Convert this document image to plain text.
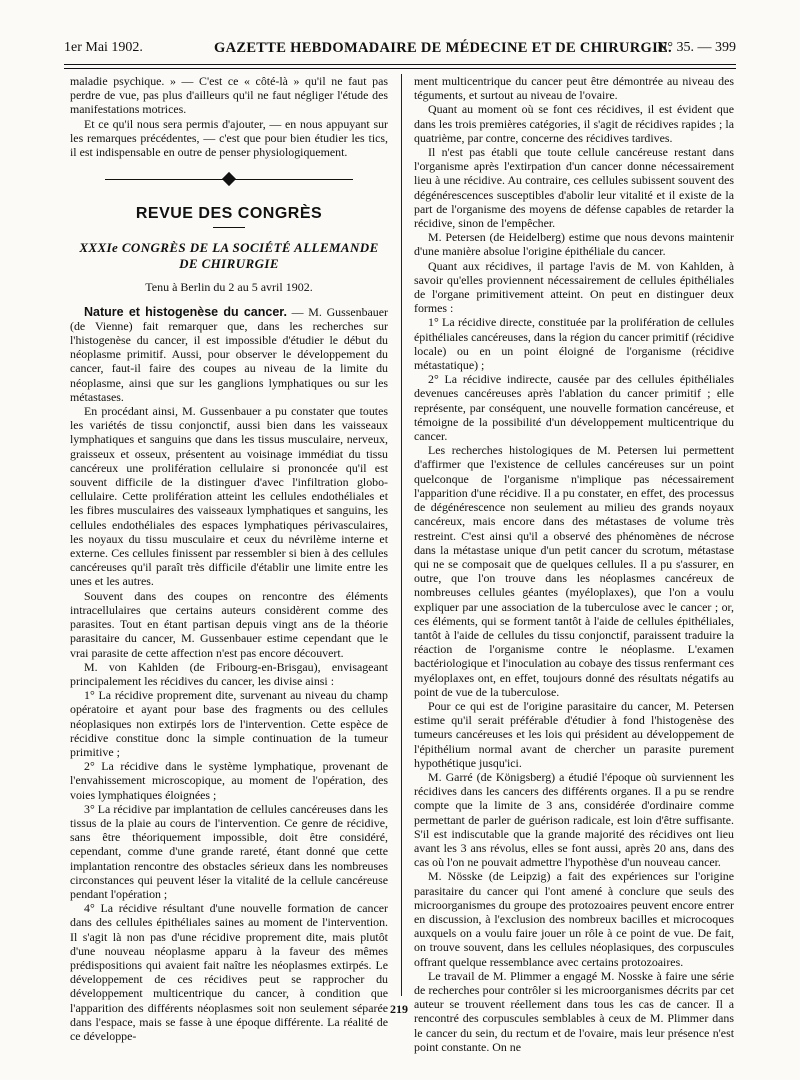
1er Mai 1902.	GAZETTE HEBDOMADAIRE DE MÉDECINE ET DE CHIRURGIE.
N° 35. — 399

maladie psychique. » — C'est ce « côté-là » qu'il ne faut pas perdre de vue, pas plus d'ailleurs qu'il ne faut négliger l'étude des manifestations motrices.

Et ce qu'il nous sera permis d'ajouter, — en nous appuyant sur les remarques précédentes, — c'est que pour bien étudier les tics, il est indispensable en outre de penser physiologiquement.

REVUE DES CONGRÈS
XXXIe CONGRÈS DE LA SOCIÉTÉ ALLEMANDE DE CHIRURGIE
Tenu à Berlin du 2 au 5 avril 1902.

Nature et histogenèse du cancer. — M. Gussenbauer (de Vienne) fait remarquer que, dans les recherches sur l'histogenèse du cancer, il est impossible d'étudier le début du néoplasme primitif. Aussi, pour observer le développement du cancer, faut-il faire des coupes au niveau de la limite du néoplasme, ainsi que sur les ganglions lymphatiques ou sur les métastases.

En procédant ainsi, M. Gussenbauer a pu constater que toutes les variétés de tissu conjonctif, aussi bien dans les vaisseaux lymphatiques et sanguins que dans les tissus musculaire, nerveux, graisseux et osseux, présentent au voisinage immédiat du tissu cancéreux une prolifération cellulaire si prononcée qu'il est souvent difficile de la distinguer d'avec l'infiltration globo-cellulaire. Cette prolifération atteint les cellules endothéliales et les fibres musculaires des vaisseaux lymphatiques et sanguins, les cellules endothéliales des espaces lymphatiques périvasculaires, les noyaux du tissu musculaire et ceux du névrilème interne et externe. Ces cellules finissent par ressembler si bien à des cellules cancéreuses qu'il paraît très difficile d'établir une limite entre les unes et les autres.

Souvent dans des coupes on rencontre des éléments intracellulaires que certains auteurs considèrent comme des parasites. Tout en étant partisan depuis vingt ans de la théorie parasitaire du cancer, M. Gussenbauer estime cependant que le vrai parasite de cette affection n'est pas encore découvert.

M. von Kahlden (de Fribourg-en-Brisgau), envisageant principalement les récidives du cancer, les divise ainsi :

1° La récidive proprement dite, survenant au niveau du champ opératoire et ayant pour base des fragments ou des cellules néoplasiques non extirpés lors de l'intervention. Cette espèce de récidive constitue donc la simple continuation de la tumeur primitive ;

2° La récidive dans le système lymphatique, provenant de l'envahissement microscopique, au moment de l'opération, des voies lymphatiques éloignées ;

3° La récidive par implantation de cellules cancéreuses dans les tissus de la plaie au cours de l'intervention. Ce genre de récidive, sans être théoriquement impossible, doit être considéré, cependant, comme d'une grande rareté, étant donné que cette implantation rencontre des obstacles sérieux dans les nombreuses circonstances qui peuvent léser la vitalité de la cellule cancéreuse pendant l'opération ;

4° La récidive résultant d'une nouvelle formation de cancer dans des cellules épithéliales saines au moment de l'intervention. Il s'agit là non pas d'une récidive proprement dite, mais plutôt d'une nouveau néoplasme apparu à la faveur des mêmes prédispositions qui avaient fait naître les néoplasmes extirpés. Le développement de ces récidives peut se rapprocher du développement multicentrique du cancer, à condition que l'apparition des différents néoplasmes soit non seulement séparée dans l'espace, mais se fasse à une époque différente. La réalité de ce développe-

ment multicentrique du cancer peut être démontrée au niveau des téguments, et surtout au niveau de l'ovaire.

Quant au moment où se font ces récidives, il est évident que dans les trois premières catégories, il s'agit de récidives rapides ; la quatrième, par contre, concerne des récidives tardives.

Il n'est pas établi que toute cellule cancéreuse restant dans l'organisme après l'extirpation d'un cancer donne nécessairement lieu à une récidive. Au contraire, ces cellules subissent souvent des dégénérescences susceptibles d'abolir leur vitalité et il existe de la part de l'organisme des moyens de défense capables de retarder la récidive, sinon de l'empêcher.

M. Petersen (de Heidelberg) estime que nous devons maintenir d'une manière absolue l'origine épithéliale du cancer.

Quant aux récidives, il partage l'avis de M. von Kahlden, à savoir qu'elles proviennent nécessairement de cellules épithéliales de l'organe primitivement atteint. On peut en distinguer deux formes :

1° La récidive directe, constituée par la prolifération de cellules épithéliales cancéreuses, dans la région du cancer primitif (récidive locale) ou en un point éloigné de l'organisme (récidive métastatique) ;

2° La récidive indirecte, causée par des cellules épithéliales devenues cancéreuses après l'ablation du cancer primitif ; elle représente, par conséquent, une nouvelle formation cancéreuse, et témoigne de la possibilité d'un développement multicentrique du cancer.

Les recherches histologiques de M. Petersen lui permettent d'affirmer que l'existence de cellules cancéreuses sur un point quelconque de l'organisme n'implique pas nécessairement l'apparition d'une récidive. Il a pu constater, en effet, des processus de dégénérescence non seulement au milieu des grands noyaux cancéreux, mais encore dans des métastases de volume très restreint. C'est ainsi qu'il a observé des phénomènes de nécrose dans la métastase unique d'un petit cancer du scrotum, métastase qui ne se composait que de quelques cellules. Il a pu s'assurer, en outre, que l'on trouve dans les néoplasmes cancéreux de nombreuses cellules géantes (myéloplaxes), que l'on a voulu expliquer par une association de la tuberculose avec le cancer ; or, ces éléments, qui se forment tantôt à l'aide de cellules épithéliales, tantôt à l'aide de cellules du tissu conjonctif, paraissent traduire la réaction de l'organisme contre le néoplasme. L'examen bactériologique et l'inoculation au cobaye des tissus renfermant ces myéloplaxes ont, en effet, toujours donné des résultats négatifs au point de vue de la tuberculose.

Pour ce qui est de l'origine parasitaire du cancer, M. Petersen estime qu'il serait préférable d'étudier à fond l'histogenèse des tumeurs cancéreuses et les lois qui président au développement de l'épithélium normal avant de chercher un parasite purement hypothétique jusqu'ici.

M. Garré (de Königsberg) a étudié l'époque où surviennent les récidives dans les cancers des différents organes. Il a pu se rendre compte que la limite de 3 ans, considérée d'ordinaire comme permettant de parler de guérison radicale, est loin d'être suffisante. S'il est indiscutable que la grande majorité des récidives ont lieu avant les 3 ans révolus, elles se font aussi, après 20 ans, dans des cas où l'on ne pouvait admettre l'hypothèse d'un nouveau cancer.

M. Nösske (de Leipzig) a fait des expériences sur l'origine parasitaire du cancer qui l'ont amené à conclure que seuls des microorganismes du groupe des protozoaires peuvent encore entrer en discussion, à l'exclusion des nombreux bacilles et microcoques auxquels on a voulu faire jouer un rôle à ce point de vue. De fait, on trouve souvent, dans les cellules néoplasiques, des corpuscules offrant quelque ressemblance avec certains protozoaires.

Le travail de M. Plimmer a engagé M. Nosske à faire une série de recherches pour contrôler si les microorganismes décrits par cet auteur se trouvent réellement dans tous les cas de cancer. Il a rencontré des corpuscules semblables à ceux de M. Plimmer dans le cancer du sein, du rectum et de l'ovaire, mais leur présence n'est point constante. On ne

219
